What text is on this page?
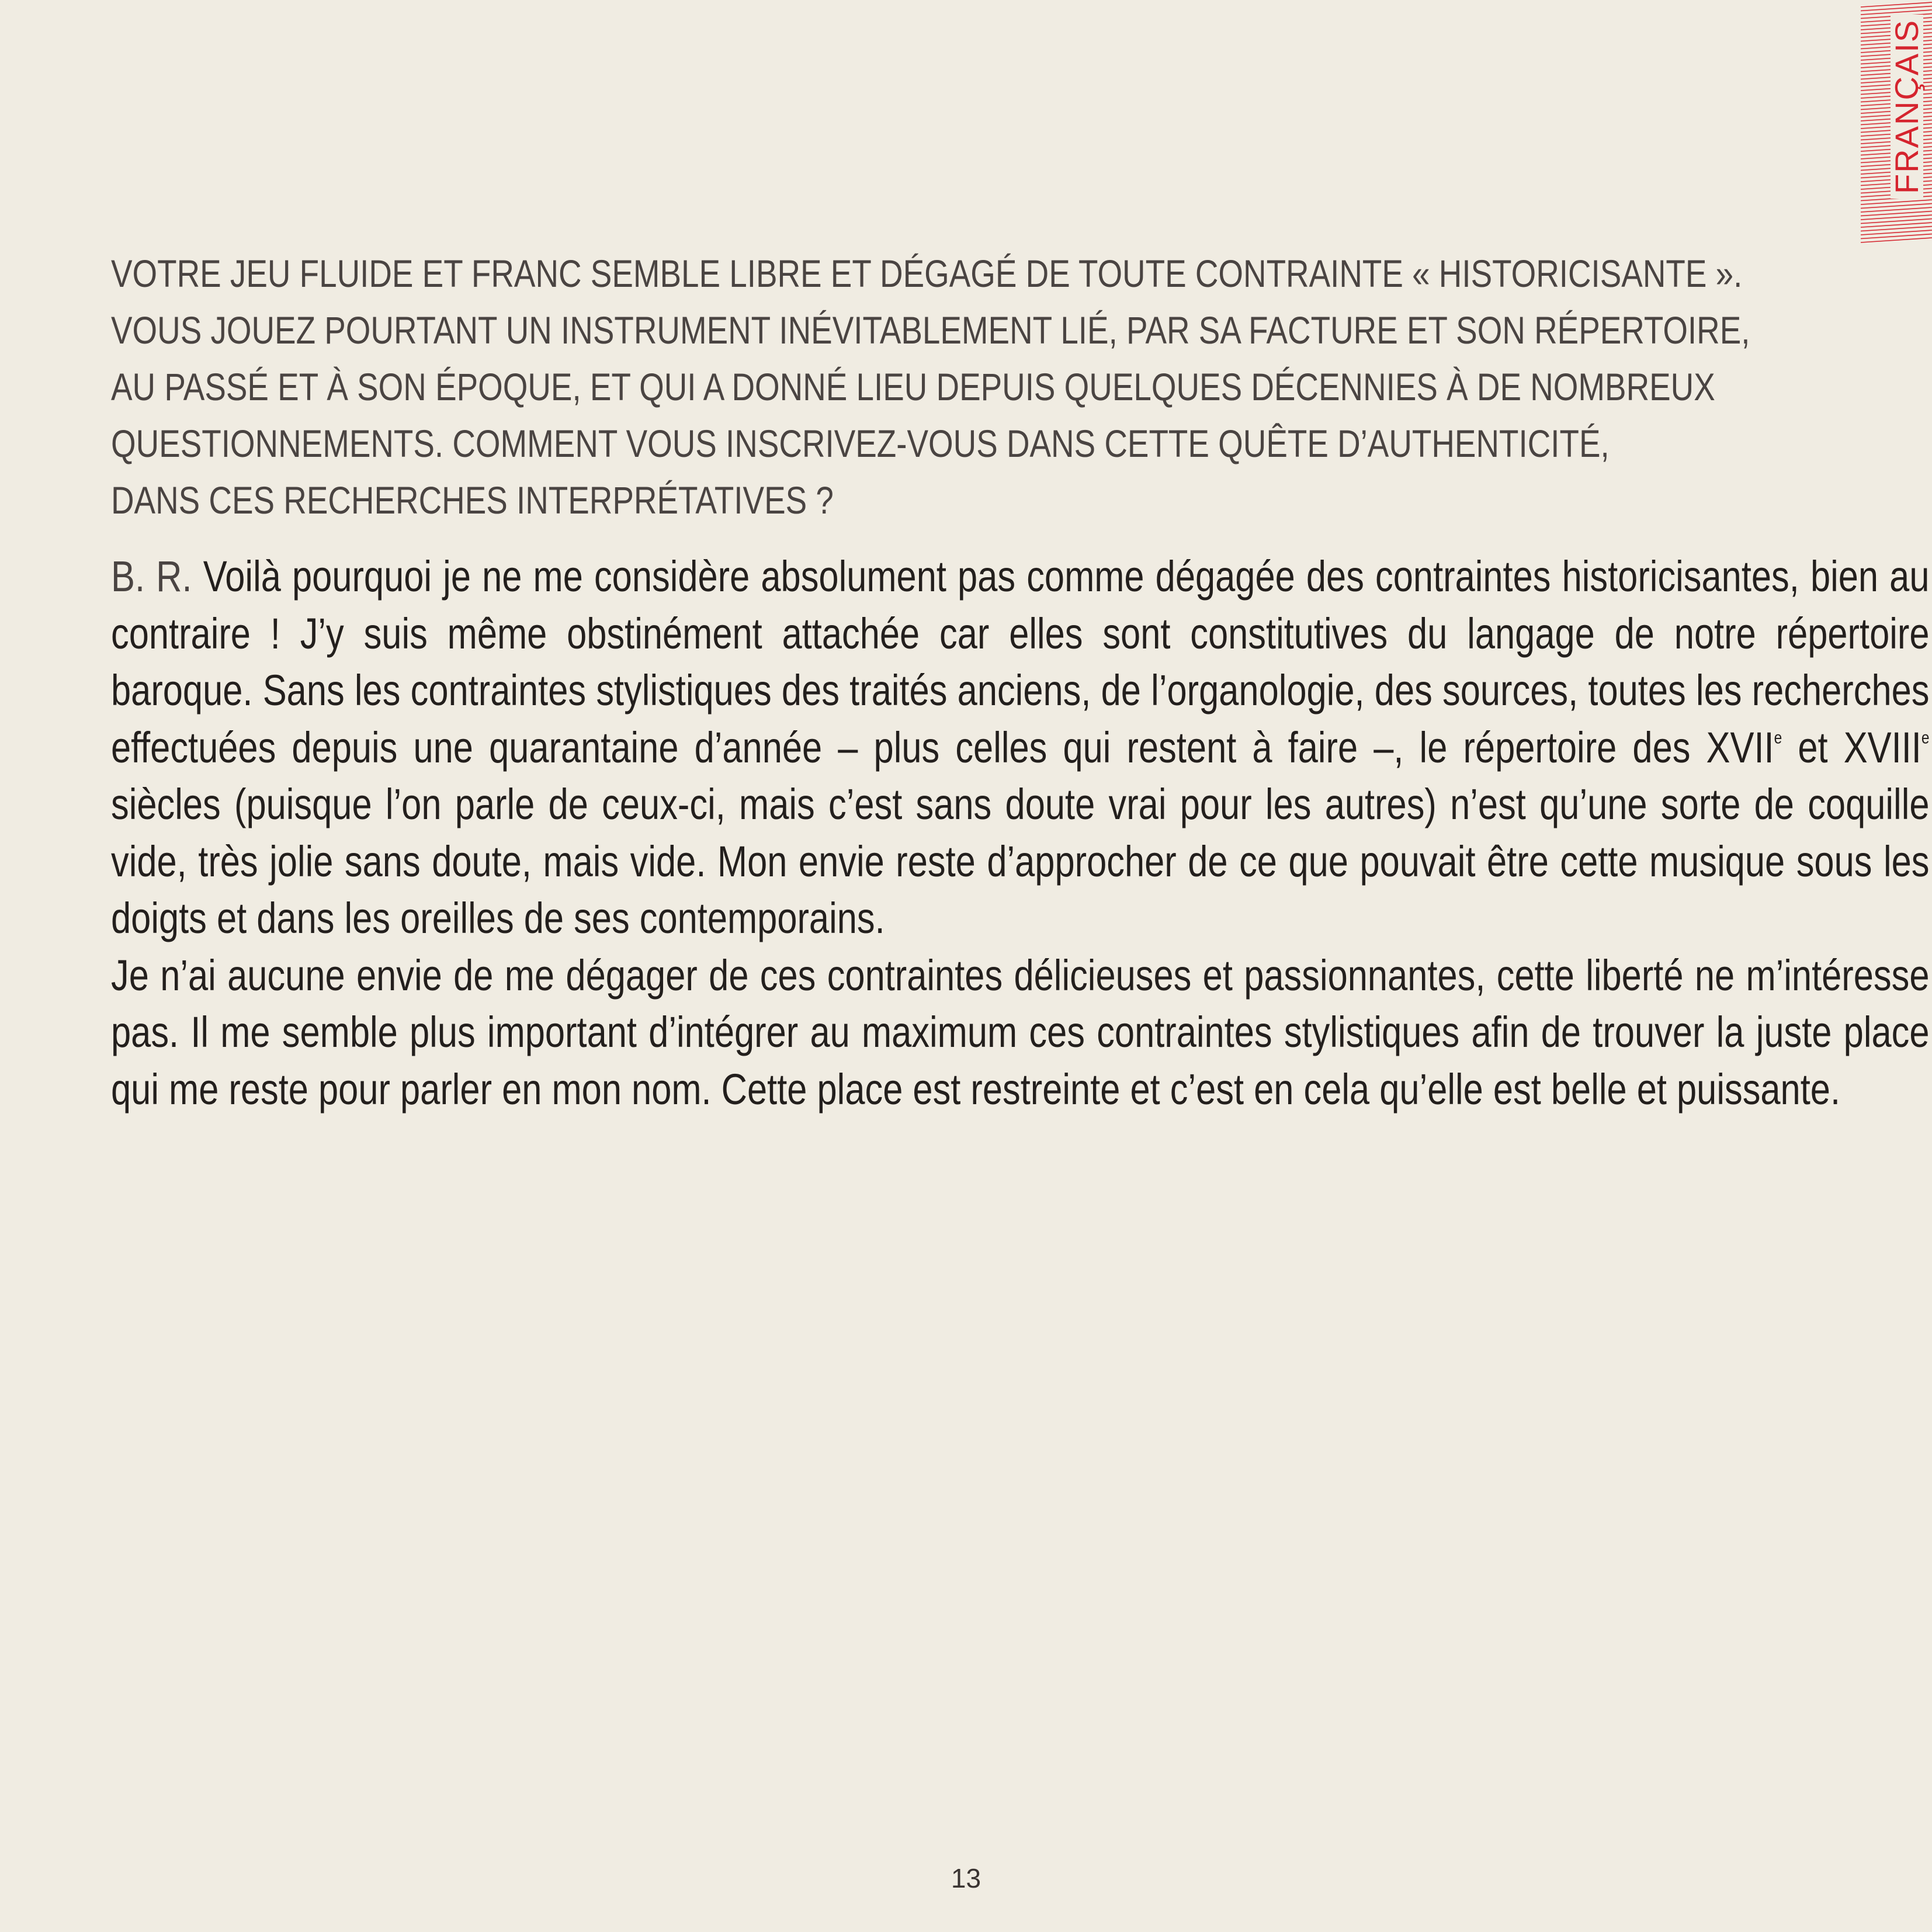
FRANÇAIS
VOTRE JEU FLUIDE ET FRANC SEMBLE LIBRE ET DÉGAGÉ DE TOUTE CONTRAINTE « HISTORICISANTE ».
VOUS JOUEZ POURTANT UN INSTRUMENT INÉVITABLEMENT LIÉ, PAR SA FACTURE ET SON RÉPERTOIRE,
AU PASSÉ ET À SON ÉPOQUE, ET QUI A DONNÉ LIEU DEPUIS QUELQUES DÉCENNIES À DE NOMBREUX
QUESTIONNEMENTS. COMMENT VOUS INSCRIVEZ-VOUS DANS CETTE QUÊTE D’AUTHENTICITÉ,
DANS CES RECHERCHES INTERPRÉTATIVES ?

B. R. Voilà pourquoi je ne me considère absolument pas comme dégagée des contraintes historicisantes, bien au contraire ! J’y suis même obstinément attachée car elles sont constitutives du langage de notre répertoire baroque. Sans les contraintes stylistiques des traités anciens, de l’organologie, des sources, toutes les recherches effectuées depuis une quarantaine d’année – plus celles qui restent à faire –, le répertoire des XVIIe et XVIIIe siècles (puisque l’on parle de ceux-ci, mais c’est sans doute vrai pour les autres) n’est qu’une sorte de coquille vide, très jolie sans doute, mais vide. Mon envie reste d’approcher de ce que pouvait être cette musique sous les doigts et dans les oreilles de ses contemporains.

Je n’ai aucune envie de me dégager de ces contraintes délicieuses et passionnantes, cette liberté ne m’intéresse pas. Il me semble plus important d’intégrer au maximum ces contraintes stylistiques afin de trouver la juste place qui me reste pour parler en mon nom. Cette place est restreinte et c’est en cela qu’elle est belle et puissante.

13
